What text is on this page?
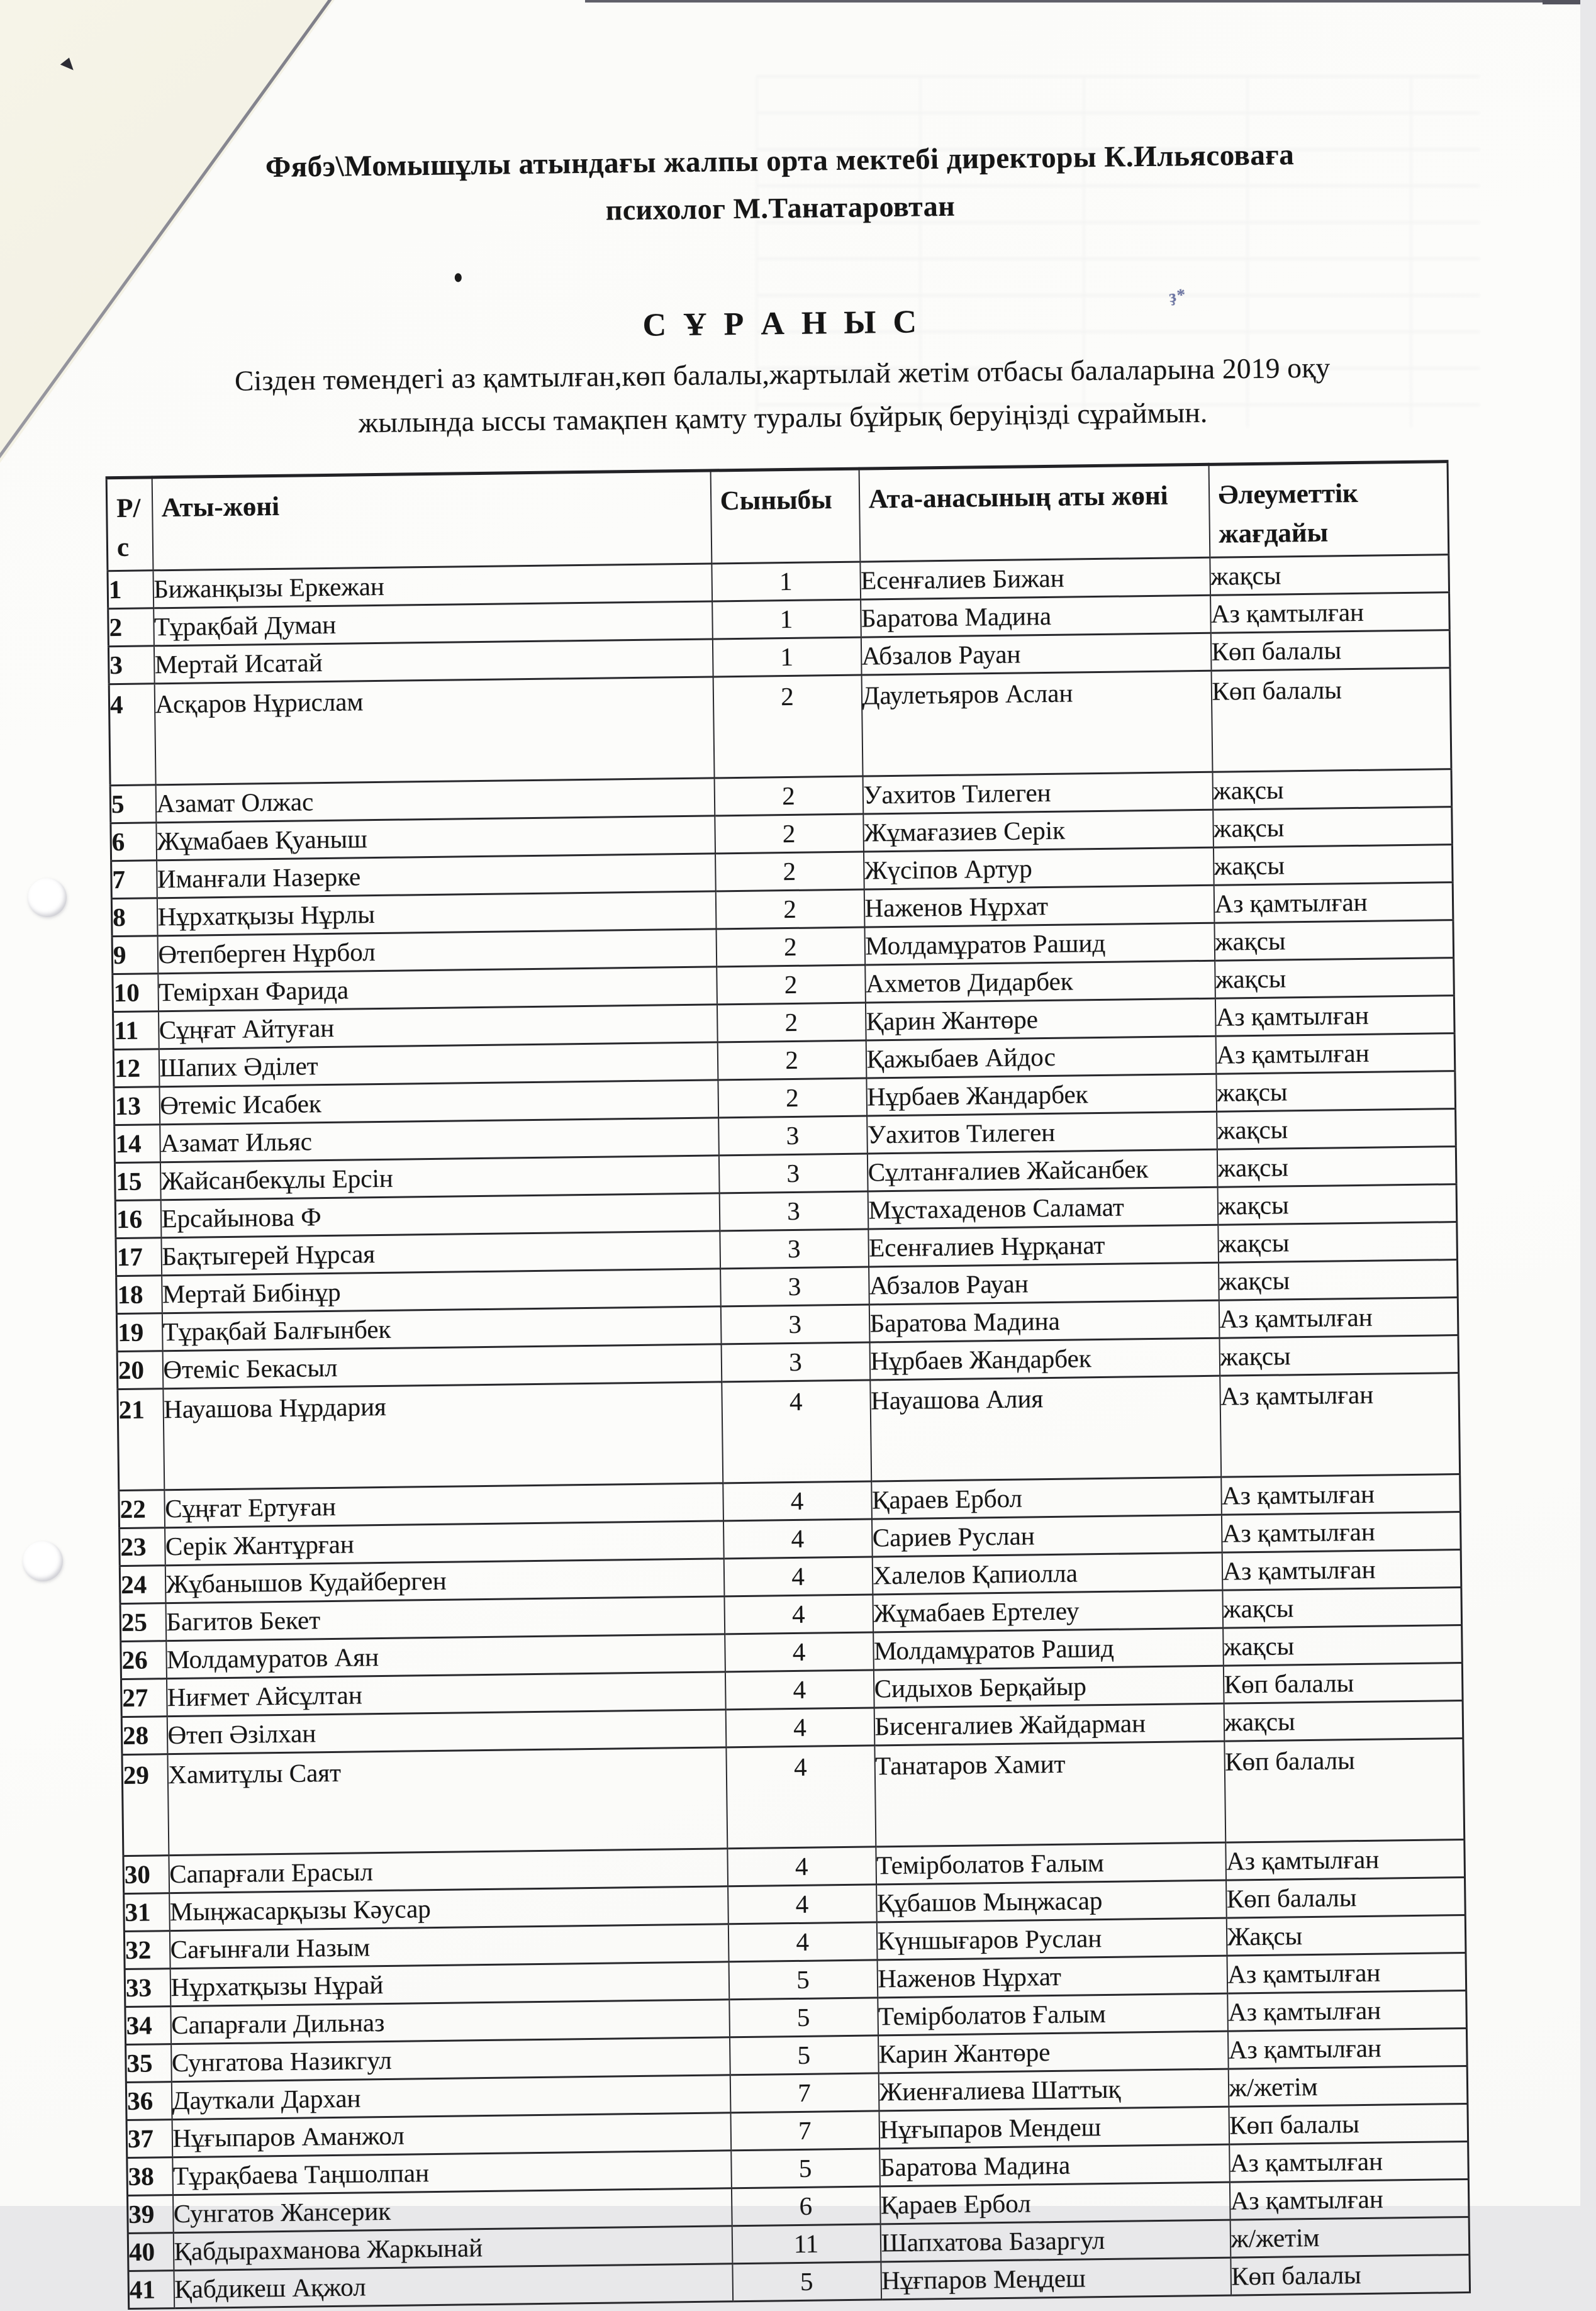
Фябэ\Момышұлы атындағы жалпы орта мектебі директоры К.Ильясоваға
психолог М.Танатаровтан
ҙ*
С Ұ Р А Н Ы С
Сізден төмендегі аз қамтылған,көп балалы,жартылай жетім отбасы балаларына 2019 оқу
жылында ыссы тамақпен қамту туралы бұйрық беруіңізді сұраймын.
Р/с	Аты-жөні	Сыныбы	Ата-анасының аты жөні	Әлеуметтік жағдайы
1	Бижанқызы Еркежан	1	Есенғалиев Бижан	жақсы
2	Тұрақбай Думан	1	Баратова Мадина	Аз қамтылған
3	Мертай Исатай	1	Абзалов Рауан	Көп балалы
4	Асқаров Нұрислам	2	Даулетьяров Аслан	Көп балалы
5	Азамат Олжас	2	Уахитов Тилеген	жақсы
6	Жұмабаев Қуаныш	2	Жұмағазиев Серік	жақсы
7	Иманғали Назерке	2	Жүсіпов Артур	жақсы
8	Нұрхатқызы Нұрлы	2	Наженов Нұрхат	Аз қамтылған
9	Өтепберген Нұрбол	2	Молдамұратов Рашид	жақсы
10	Темірхан Фарида	2	Ахметов Дидарбек	жақсы
11	Сұңғат Айтуған	2	Қарин Жантөре	Аз қамтылған
12	Шапих Әділет	2	Қажыбаев Айдос	Аз қамтылған
13	Өтеміс Исабек	2	Нұрбаев Жандарбек	жақсы
14	Азамат Ильяс	3	Уахитов Тилеген	жақсы
15	Жайсанбекұлы Ерсін	3	Сұлтанғалиев Жайсанбек	жақсы
16	Ерсайынова Ф	3	Мұстахаденов Саламат	жақсы
17	Бақтыгерей Нұрсая	3	Есенғалиев Нұрқанат	жақсы
18	Мертай Бибінұр	3	Абзалов Рауан	жақсы
19	Тұрақбай Балғынбек	3	Баратова Мадина	Аз қамтылған
20	Өтеміс Бекасыл	3	Нұрбаев Жандарбек	жақсы
21	Науашова Нұрдария	4	Науашова Алия	Аз қамтылған
22	Сұңғат Ертуған	4	Қараев Ербол	Аз қамтылған
23	Серік Жантұрған	4	Сариев Руслан	Аз қамтылған
24	Жұбанышов Кудайберген	4	Халелов Қапиолла	Аз қамтылған
25	Багитов Бекет	4	Жұмабаев Ертелеу	жақсы
26	Молдамуратов Аян	4	Молдамұратов Рашид	жақсы
27	Ниғмет Айсұлтан	4	Сидыхов Берқайыр	Көп балалы
28	Өтеп Әзілхан	4	Бисенгалиев Жайдарман	жақсы
29	Хамитұлы Саят	4	Танатаров Хамит	Көп балалы
30	Сапарғали Ерасыл	4	Темірболатов Ғалым	Аз қамтылған
31	Мыңжасарқызы Кәусар	4	Құбашов Мыңжасар	Көп балалы
32	Сағынғали Назым	4	Күншығаров Руслан	Жақсы
33	Нұрхатқызы Нұрай	5	Наженов Нұрхат	Аз қамтылған
34	Сапарғали Дильназ	5	Темірболатов Ғалым	Аз қамтылған
35	Сунгатова Назикгул	5	Карин Жантөре	Аз қамтылған
36	Дауткали Дархан	7	Жиенғалиева Шаттық	ж/жетім
37	Нұғыпаров Аманжол	7	Нұғыпаров Мендеш	Көп балалы
38	Тұрақбаева Таңшолпан	5	Баратова Мадина	Аз қамтылған
39	Сунгатов Жансерик	6	Қараев Ербол	Аз қамтылған
40	Қабдырахманова Жаркынай	11	Шапхатова Базаргул	ж/жетім
41	Қабдикеш Ақжол	5	Нұғпаров Меңдеш	Көп балалы
